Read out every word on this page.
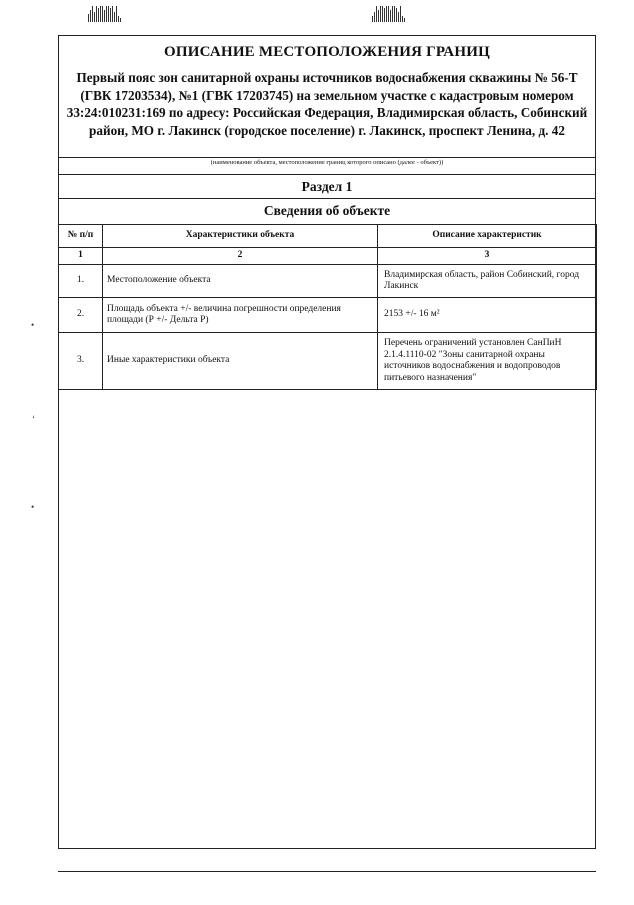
ОПИСАНИЕ МЕСТОПОЛОЖЕНИЯ ГРАНИЦ
Первый пояс зон санитарной охраны источников водоснабжения скважины № 56-Т (ГВК 17203534), №1 (ГВК 17203745) на земельном участке с кадастровым номером 33:24:010231:169 по адресу: Российская Федерация, Владимирская область, Собинский район, МО г. Лакинск (городское поселение) г. Лакинск, проспект Ленина, д. 42
(наименование объекта, местоположение границ которого описано (далее - объект))
Раздел 1
Сведения об объекте
№ п/п	Характеристики объекта	Описание характеристик
1	2	3
1.	Местоположение объекта	Владимирская область, район Собинский, город Лакинск
2.	Площадь объекта +/- величина погрешности определения площади (Р +/- Дельта Р)	2153 +/- 16 м²
3.	Иные характеристики объекта	Перечень ограничений установлен СанПиН 2.1.4.1110-02 "Зоны санитарной охраны источников водоснабжения и водопроводов питьевого назначения"
•
‘
•
